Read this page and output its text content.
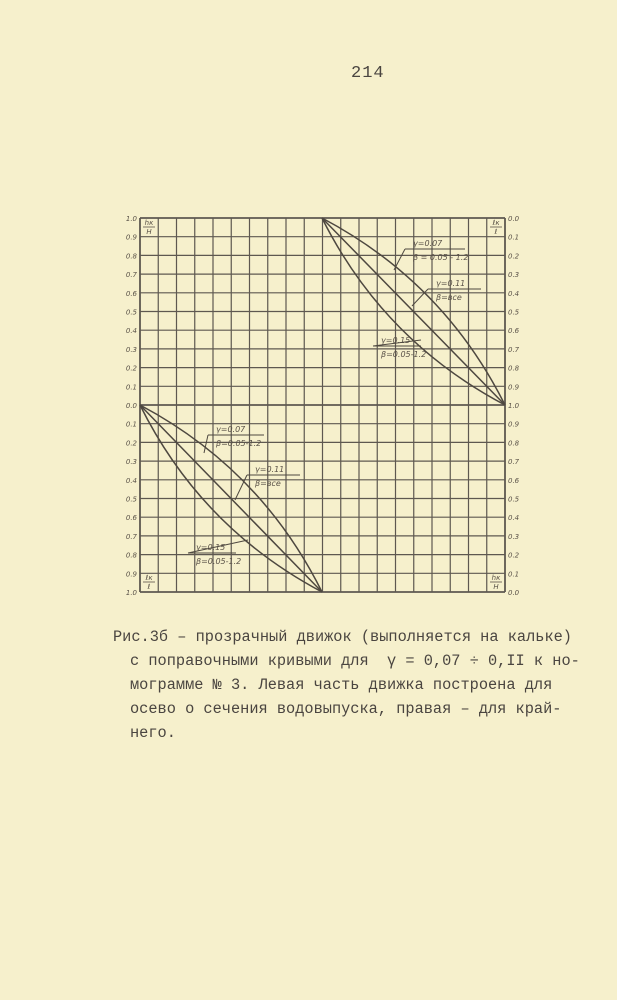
214
1.0
0.9
0.8
0.7
0.6
0.5
0.4
0.3
0.2
0.1
0.0
0.1
0.2
0.3
0.4
0.5
0.6
0.7
0.8
0.9
1.0
0.0
0.1
0.2
0.3
0.4
0.5
0.6
0.7
0.8
0.9
1.0
0.9
0.8
0.7
0.6
0.5
0.4
0.3
0.2
0.1
0.0
hк
H
ℓк
ℓ
ℓк
ℓ
hк
H
γ=0.07
β = 0.05 - 1.2
γ=0.11
β=все
γ=0.15
β=0.05-1.2
γ=0.07
β=0.05-1.2
γ=0.11
β=все
γ=0.15
β=0.05-1.2
Рис.3б – прозрачный движок (выполняется на кальке)
с поправочными кривыми для  γ = 0,07 ÷ 0,II к но-
мограмме № 3. Левая часть движка построена для
осево о сечения водовыпуска, правая – для край-
него.
